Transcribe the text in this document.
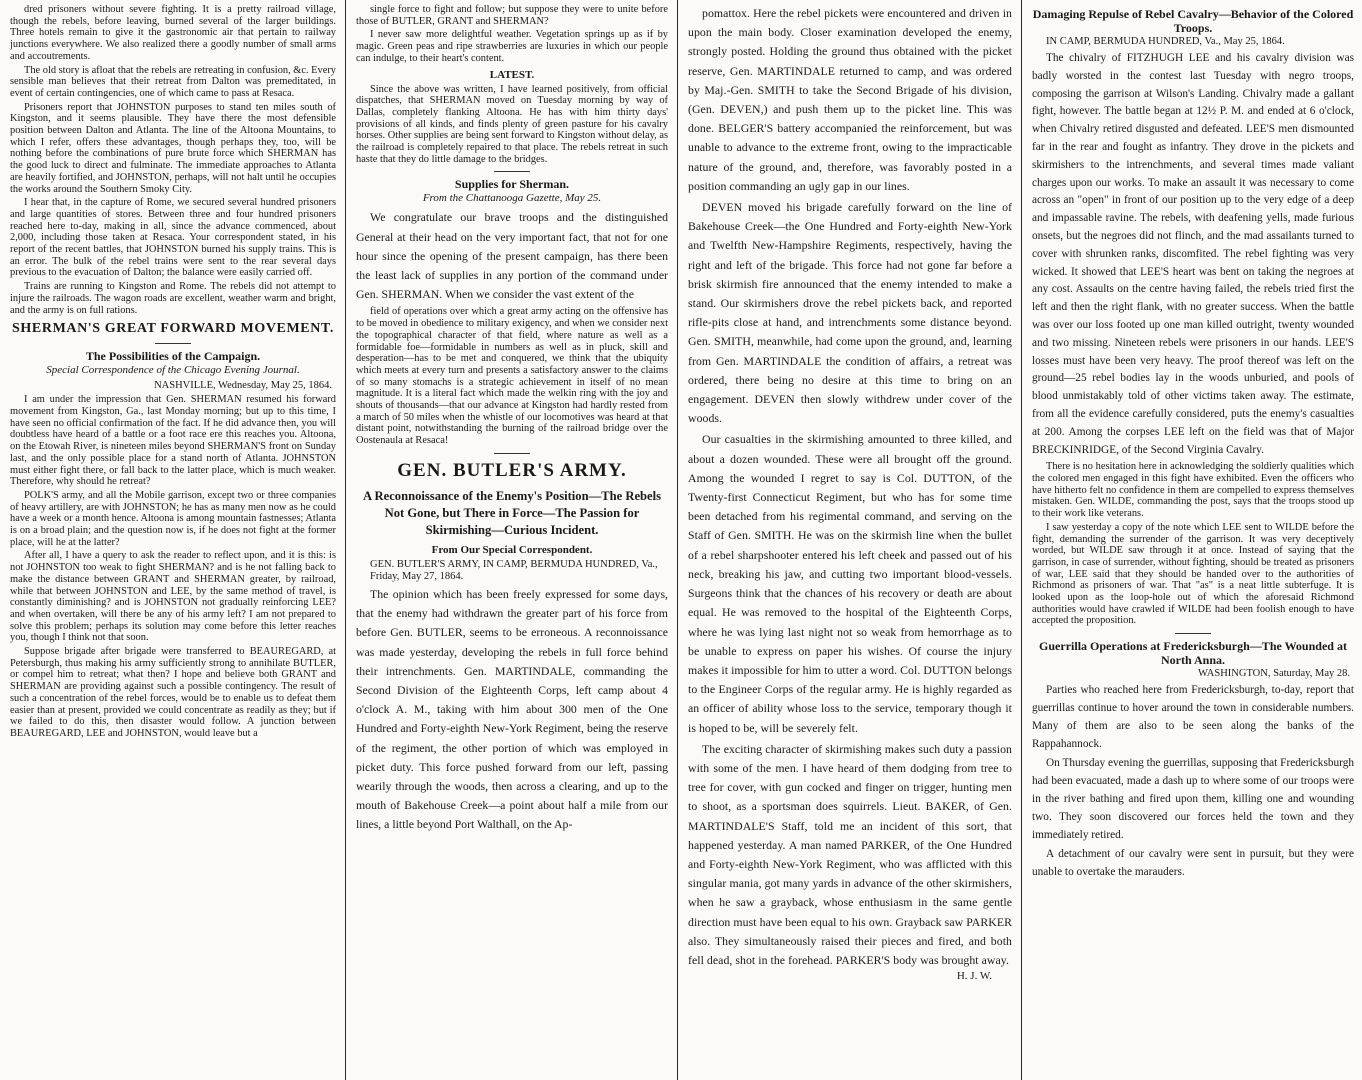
dred prisoners without severe fighting. It is a pretty railroad village, though the rebels, before leaving, burned several of the larger buildings. Three hotels remain to give it the gastronomic air that pertain to railway junctions everywhere. We also realized there a goodly number of small arms and accoutrements.
The old story is afloat that the rebels are retreating in confusion, &c. Every sensible man believes that their retreat from Dalton was premeditated, in event of certain contingencies, one of which came to pass at Resaca.
Prisoners report that JOHNSTON purposes to stand ten miles south of Kingston, and it seems plausible. They have there the most defensible position between Dalton and Atlanta. The line of the Altoona Mountains, to which I refer, offers these advantages, though perhaps they, too, will be nothing before the combinations of pure brute force which SHERMAN has the good luck to direct and fulminate. The immediate approaches to Atlanta are heavily fortified, and JOHNSTON, perhaps, will not halt until he occupies the works around the Southern Smoky City.
I hear that, in the capture of Rome, we secured several hundred prisoners and large quantities of stores. Between three and four hundred prisoners reached here to-day, making in all, since the advance commenced, about 2,000, including those taken at Resaca. Your correspondent stated, in his report of the recent battles, that JOHNSTON burned his supply trains. This is an error. The bulk of the rebel trains were sent to the rear several days previous to the evacuation of Dalton; the balance were easily carried off.
Trains are running to Kingston and Rome. The rebels did not attempt to injure the railroads. The wagon roads are excellent, weather warm and bright, and the army is on full rations.
SHERMAN'S GREAT FORWARD MOVEMENT.
The Possibilities of the Campaign.
Special Correspondence of the Chicago Evening Journal.
NASHVILLE, Wednesday, May 25, 1864.
I am under the impression that Gen. SHERMAN resumed his forward movement from Kingston, Ga., last Monday morning; but up to this time, I have seen no official confirmation of the fact. If he did advance then, you will doubtless have heard of a battle or a foot race ere this reaches you. Altoona, on the Etowah River, is nineteen miles beyond SHERMAN'S front on Sunday last, and the only possible place for a stand north of Atlanta. JOHNSTON must either fight there, or fall back to the latter place, which is much weaker. Therefore, why should he retreat?
POLK'S army, and all the Mobile garrison, except two or three companies of heavy artillery, are with JOHNSTON; he has as many men now as he could have a week or a month hence. Altoona is among mountain fastnesses; Atlanta is on a broad plain; and the question now is, if he does not fight at the former place, will he at the latter?
After all, I have a query to ask the reader to reflect upon, and it is this: is not JOHNSTON too weak to fight SHERMAN? and is he not falling back to make the distance between GRANT and SHERMAN greater, by railroad, while that between JOHNSTON and LEE, by the same method of travel, is constantly diminishing? and is JOHNSTON not gradually reinforcing LEE? and when overtaken, will there be any of his army left? I am not prepared to solve this problem; perhaps its solution may come before this letter reaches you, though I think not that soon.
Suppose brigade after brigade were transferred to BEAUREGARD, at Petersburgh, thus making his army sufficiently strong to annihilate BUTLER, or compel him to retreat; what then? I hope and believe both GRANT and SHERMAN are providing against such a possible contingency. The result of such a concentration of the rebel forces, would be to enable us to defeat them easier than at present, provided we could concentrate as readily as they; but if we failed to do this, then disaster would follow. A junction between BEAUREGARD, LEE and JOHNSTON, would leave but a
single force to fight and follow; but suppose they were to unite before those of BUTLER, GRANT and SHERMAN?
I never saw more delightful weather. Vegetation springs up as if by magic. Green peas and ripe strawberries are luxuries in which our people can indulge, to their heart's content.
LATEST.
Since the above was written, I have learned positively, from official dispatches, that SHERMAN moved on Tuesday morning by way of Dallas, completely flanking Altoona. He has with him thirty days' provisions of all kinds, and finds plenty of green pasture for his cavalry horses. Other supplies are being sent forward to Kingston without delay, as the railroad is completely repaired to that place. The rebels retreat in such haste that they do little damage to the bridges.
Supplies for Sherman.
From the Chattanooga Gazette, May 25.
We congratulate our brave troops and the distinguished General at their head on the very important fact, that not for one hour since the opening of the present campaign, has there been the least lack of supplies in any portion of the command under Gen. SHERMAN. When we consider the vast extent of the
field of operations over which a great army acting on the offensive has to be moved in obedience to military exigency, and when we consider next the topographical character of that field, where nature as well as a formidable foe—formidable in numbers as well as in pluck, skill and desperation—has to be met and conquered, we think that the ubiquity which meets at every turn and presents a satisfactory answer to the claims of so many stomachs is a strategic achievement in itself of no mean magnitude. It is a literal fact which made the welkin ring with the joy and shouts of thousands—that our advance at Kingston had hardly rested from a march of 50 miles when the whistle of our locomotives was heard at that distant point, notwithstanding the burning of the railroad bridge over the Oostenaula at Resaca!
GEN. BUTLER'S ARMY.
A Reconnoissance of the Enemy's Position—The Rebels Not Gone, but There in Force—The Passion for Skirmishing—Curious Incident.
From Our Special Correspondent.
GEN. BUTLER'S ARMY, IN CAMP, BERMUDA HUNDRED, Va., Friday, May 27, 1864.
The opinion which has been freely expressed for some days, that the enemy had withdrawn the greater part of his force from before Gen. BUTLER, seems to be erroneous. A reconnoissance was made yesterday, developing the rebels in full force behind their intrenchments. Gen. MARTINDALE, commanding the Second Division of the Eighteenth Corps, left camp about 4 o'clock A. M., taking with him about 300 men of the One Hundred and Forty-eighth New-York Regiment, being the reserve of the regiment, the other portion of which was employed in picket duty. This force pushed forward from our left, passing wearily through the woods, then across a clearing, and up to the mouth of Bakehouse Creek—a point about half a mile from our lines, a little beyond Port Walthall, on the Ap-
pomattox. Here the rebel pickets were encountered and driven in upon the main body. Closer examination developed the enemy, strongly posted. Holding the ground thus obtained with the picket reserve, Gen. MARTINDALE returned to camp, and was ordered by Maj.-Gen. SMITH to take the Second Brigade of his division, (Gen. DEVEN,) and push them up to the picket line. This was done. BELGER'S battery accompanied the reinforcement, but was unable to advance to the extreme front, owing to the impracticable nature of the ground, and, therefore, was favorably posted in a position commanding an ugly gap in our lines.
DEVEN moved his brigade carefully forward on the line of Bakehouse Creek—the One Hundred and Forty-eighth New-York and Twelfth New-Hampshire Regiments, respectively, having the right and left of the brigade. This force had not gone far before a brisk skirmish fire announced that the enemy intended to make a stand. Our skirmishers drove the rebel pickets back, and reported rifle-pits close at hand, and intrenchments some distance beyond. Gen. SMITH, meanwhile, had come upon the ground, and, learning from Gen. MARTINDALE the condition of affairs, a retreat was ordered, there being no desire at this time to bring on an engagement. DEVEN then slowly withdrew under cover of the woods.
Our casualties in the skirmishing amounted to three killed, and about a dozen wounded. These were all brought off the ground. Among the wounded I regret to say is Col. DUTTON, of the Twenty-first Connecticut Regiment, but who has for some time been detached from his regimental command, and serving on the Staff of Gen. SMITH. He was on the skirmish line when the bullet of a rebel sharpshooter entered his left cheek and passed out of his neck, breaking his jaw, and cutting two important blood-vessels. Surgeons think that the chances of his recovery or death are about equal. He was removed to the hospital of the Eighteenth Corps, where he was lying last night not so weak from hemorrhage as to be unable to express on paper his wishes. Of course the injury makes it impossible for him to utter a word. Col. DUTTON belongs to the Engineer Corps of the regular army. He is highly regarded as an officer of ability whose loss to the service, temporary though it is hoped to be, will be severely felt.
The exciting character of skirmishing makes such duty a passion with some of the men. I have heard of them dodging from tree to tree for cover, with gun cocked and finger on trigger, hunting men to shoot, as a sportsman does squirrels. Lieut. BAKER, of Gen. MARTINDALE'S Staff, told me an incident of this sort, that happened yesterday. A man named PARKER, of the One Hundred and Forty-eighth New-York Regiment, who was afflicted with this singular mania, got many yards in advance of the other skirmishers, when he saw a grayback, whose enthusiasm in the same gentle direction must have been equal to his own. Grayback saw PARKER also. They simultaneously raised their pieces and fired, and both fell dead, shot in the forehead. PARKER'S body was brought away.
H. J. W.
Damaging Repulse of Rebel Cavalry—Behavior of the Colored Troops.
IN CAMP, BERMUDA HUNDRED, Va., May 25, 1864.
The chivalry of FITZHUGH LEE and his cavalry division was badly worsted in the contest last Tuesday with negro troops, composing the garrison at Wilson's Landing. Chivalry made a gallant fight, however. The battle began at 12½ P. M. and ended at 6 o'clock, when Chivalry retired disgusted and defeated. LEE'S men dismounted far in the rear and fought as infantry. They drove in the pickets and skirmishers to the intrenchments, and several times made valiant charges upon our works. To make an assault it was necessary to come across an "open" in front of our position up to the very edge of a deep and impassable ravine. The rebels, with deafening yells, made furious onsets, but the negroes did not flinch, and the mad assailants turned to cover with shrunken ranks, discomfited. The rebel fighting was very wicked. It showed that LEE'S heart was bent on taking the negroes at any cost. Assaults on the centre having failed, the rebels tried first the left and then the right flank, with no greater success. When the battle was over our loss footed up one man killed outright, twenty wounded and two missing. Nineteen rebels were prisoners in our hands. LEE'S losses must have been very heavy. The proof thereof was left on the ground—25 rebel bodies lay in the woods unburied, and pools of blood unmistakably told of other victims taken away. The estimate, from all the evidence carefully considered, puts the enemy's casualties at 200. Among the corpses LEE left on the field was that of Major BRECKINRIDGE, of the Second Virginia Cavalry.
There is no hesitation here in acknowledging the soldierly qualities which the colored men engaged in this fight have exhibited. Even the officers who have hitherto felt no confidence in them are compelled to express themselves mistaken. Gen. WILDE, commanding the post, says that the troops stood up to their work like veterans.
I saw yesterday a copy of the note which LEE sent to WILDE before the fight, demanding the surrender of the garrison. It was very deceptively worded, but WILDE saw through it at once. Instead of saying that the garrison, in case of surrender, without fighting, should be treated as prisoners of war, LEE said that they should be handed over to the authorities of Richmond as prisoners of war. That "as" is a neat little subterfuge. It is looked upon as the loop-hole out of which the aforesaid Richmond authorities would have crawled if WILDE had been foolish enough to have accepted the proposition.
Guerrilla Operations at Fredericksburgh—The Wounded at North Anna.
WASHINGTON, Saturday, May 28.
Parties who reached here from Fredericksburgh, to-day, report that guerrillas continue to hover around the town in considerable numbers. Many of them are also to be seen along the banks of the Rappahannock.
On Thursday evening the guerrillas, supposing that Fredericksburgh had been evacuated, made a dash up to where some of our troops were in the river bathing and fired upon them, killing one and wounding two. They soon discovered our forces held the town and they immediately retired.
A detachment of our cavalry were sent in pursuit, but they were unable to overtake the marauders.
